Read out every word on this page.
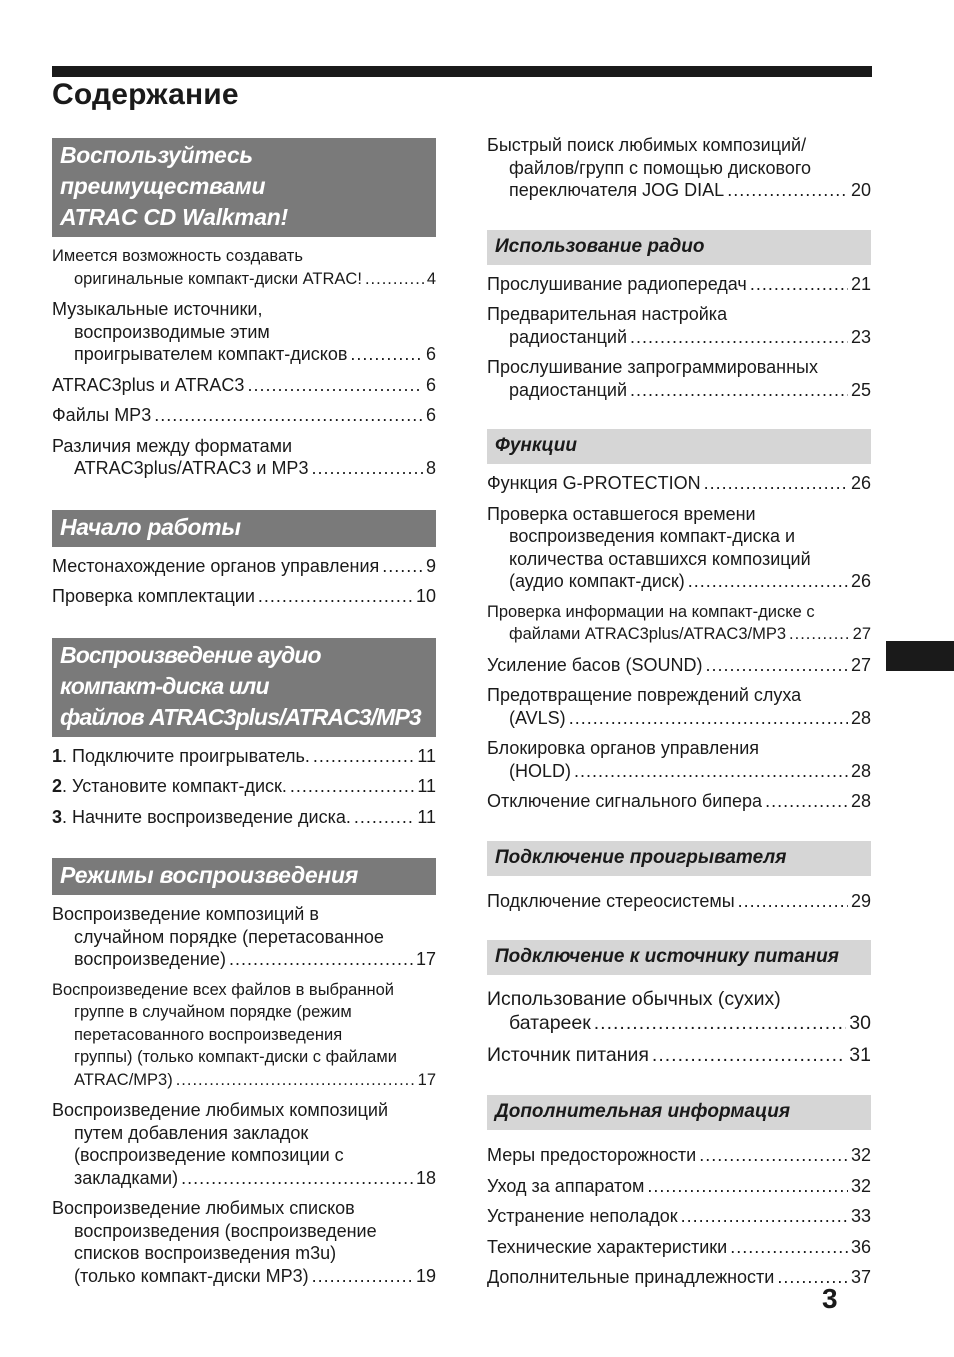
Содержание
Воспользуйтесь преимуществами
ATRAC CD Walkman!
Имеется возможность создавать
оригинальные компакт-диски ATRAC! .....	4
Музыкальные источники,
воспроизводимые этим
проигрывателем компакт-дисков .....	6
ATRAC3plus и ATRAC3 .....	6
Файлы MP3 .....	6
Различия между форматами
ATRAC3plus/ATRAC3 и MP3 .....	8
Начало работы
Местонахождение органов управления .....	9
Проверка комплектации .....	10
Воспроизведение аудио
компакт-диска или
файлов ATRAC3plus/ATRAC3/MP3
1. Подключите проигрыватель. .....	11
2. Установите компакт-диск. .....	11
3. Начните воспроизведение диска. .....	11
Режимы воспроизведения
Воспроизведение композиций в
случайном порядке (перетасованное
воспроизведение) .....	17
Воспроизведение всех файлов в выбранной
группе в случайном порядке (режим
перетасованного воспроизведения
группы) (только компакт-диски с файлами
ATRAC/MP3) .....	17
Воспроизведение любимых композиций
путем добавления закладок
(воспроизведение композиции с
закладками) .....	18
Воспроизведение любимых списков
воспроизведения (воспроизведение
списков воспроизведения m3u)
(только компакт-диски MP3) .....	19
Быстрый поиск любимых композиций/
файлов/групп с помощью дискового
переключателя JOG DIAL .....	20
Использование радио
Прослушивание радиопередач .....	21
Предварительная настройка
радиостанций .....	23
Прослушивание запрограммированных
радиостанций .....	25
Функции
Функция G-PROTECTION .....	26
Проверка оставшегося времени
воспроизведения компакт-диска и
количества оставшихся композиций
(аудио компакт-диск) .....	26
Проверка информации на компакт-диске с
файлами ATRAC3plus/ATRAC3/MP3 .....	27
Усиление басов (SOUND) .....	27
Предотвращение повреждений слуха
(AVLS) .....	28
Блокировка органов управления
(HOLD) .....	28
Отключение сигнального бипера .....	28
Подключение проигрывателя
Подключение стереосистемы .....	29
Подключение к источнику питания
Использование обычных (сухих)
батареек .....	30
Источник питания .....	31
Дополнительная информация
Меры предосторожности .....	32
Уход за аппаратом .....	32
Устранение неполадок .....	33
Технические характеристики .....	36
Дополнительные принадлежности .....	37
3
